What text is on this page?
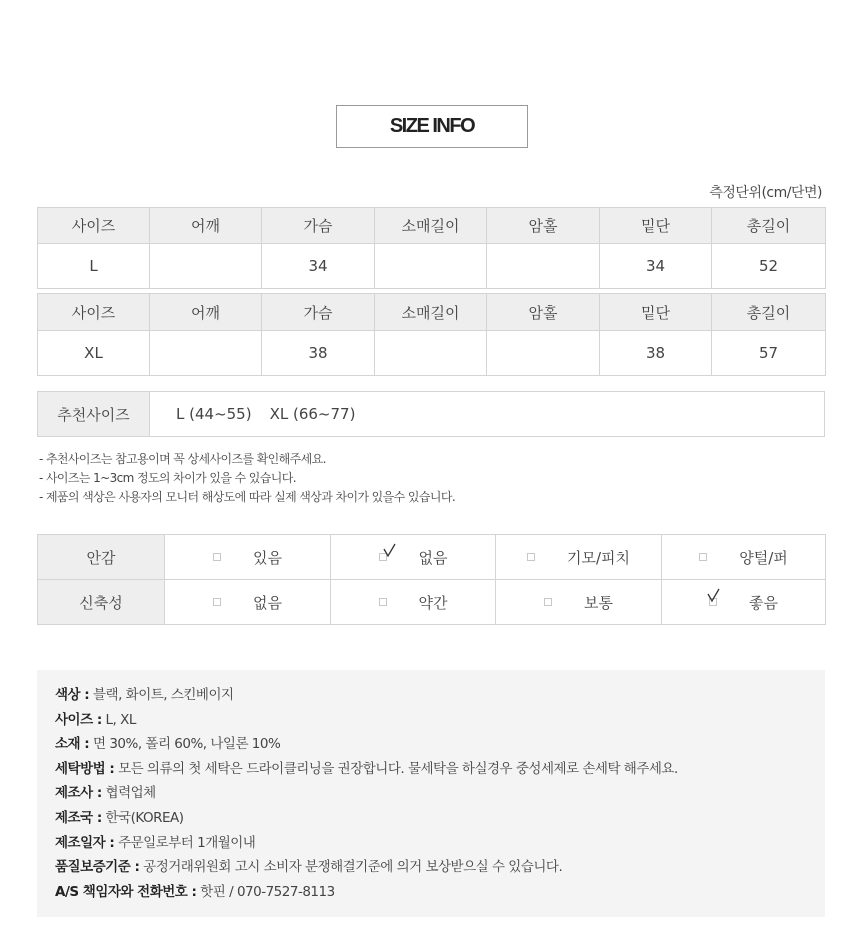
SIZE INFO
측정단위(cm/단면)
사이즈	어깨	가슴	소매길이	암홀	밑단	총길이
L		34			34	52
사이즈	어깨	가슴	소매길이	암홀	밑단	총길이
XL		38			38	57
추천사이즈	L (44~55) XL (66~77)
- 추천사이즈는 참고용이며 꼭 상세사이즈를 확인해주세요.
- 사이즈는 1~3cm 정도의 차이가 있을 수 있습니다.
- 제품의 색상은 사용자의 모니터 해상도에 따라 실제 색상과 차이가 있을수 있습니다.
안감	있음	없음	기모/피치	양털/퍼

신축성	없음	약간	보통	좋음
색상 : 블랙, 화이트, 스킨베이지
사이즈 : L, XL
소재 : 면 30%, 폴리 60%, 나일론 10%
세탁방법 : 모든 의류의 첫 세탁은 드라이클리닝을 권장합니다. 물세탁을 하실경우 중성세제로 손세탁 해주세요.
제조사 : 협력업체
제조국 : 한국(KOREA)
제조일자 : 주문일로부터 1개월이내
품질보증기준 : 공정거래위원회 고시 소비자 분쟁해결기준에 의거 보상받으실 수 있습니다.
A/S 책임자와 전화번호 : 핫핀 / 070-7527-8113
